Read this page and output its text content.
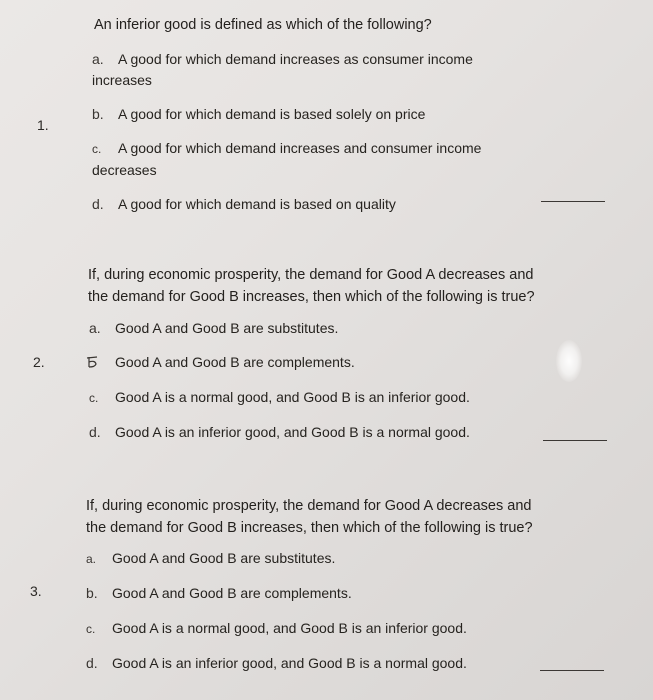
1.
An inferior good is defined as which of the following?
a. A good for which demand increases as consumer income increases
b. A good for which demand is based solely on price
c. A good for which demand increases and consumer income decreases
d. A good for which demand is based on quality
2.
If, during economic prosperity, the demand for Good A decreases and the demand for Good B increases, then which of the following is true?
a. Good A and Good B are substitutes.
Good A and Good B are complements.
c. Good A is a normal good, and Good B is an inferior good.
d. Good A is an inferior good, and Good B is a normal good.
3.
If, during economic prosperity, the demand for Good A decreases and the demand for Good B increases, then which of the following is true?
a. Good A and Good B are substitutes.
b. Good A and Good B are complements.
c. Good A is a normal good, and Good B is an inferior good.
d. Good A is an inferior good, and Good B is a normal good.
